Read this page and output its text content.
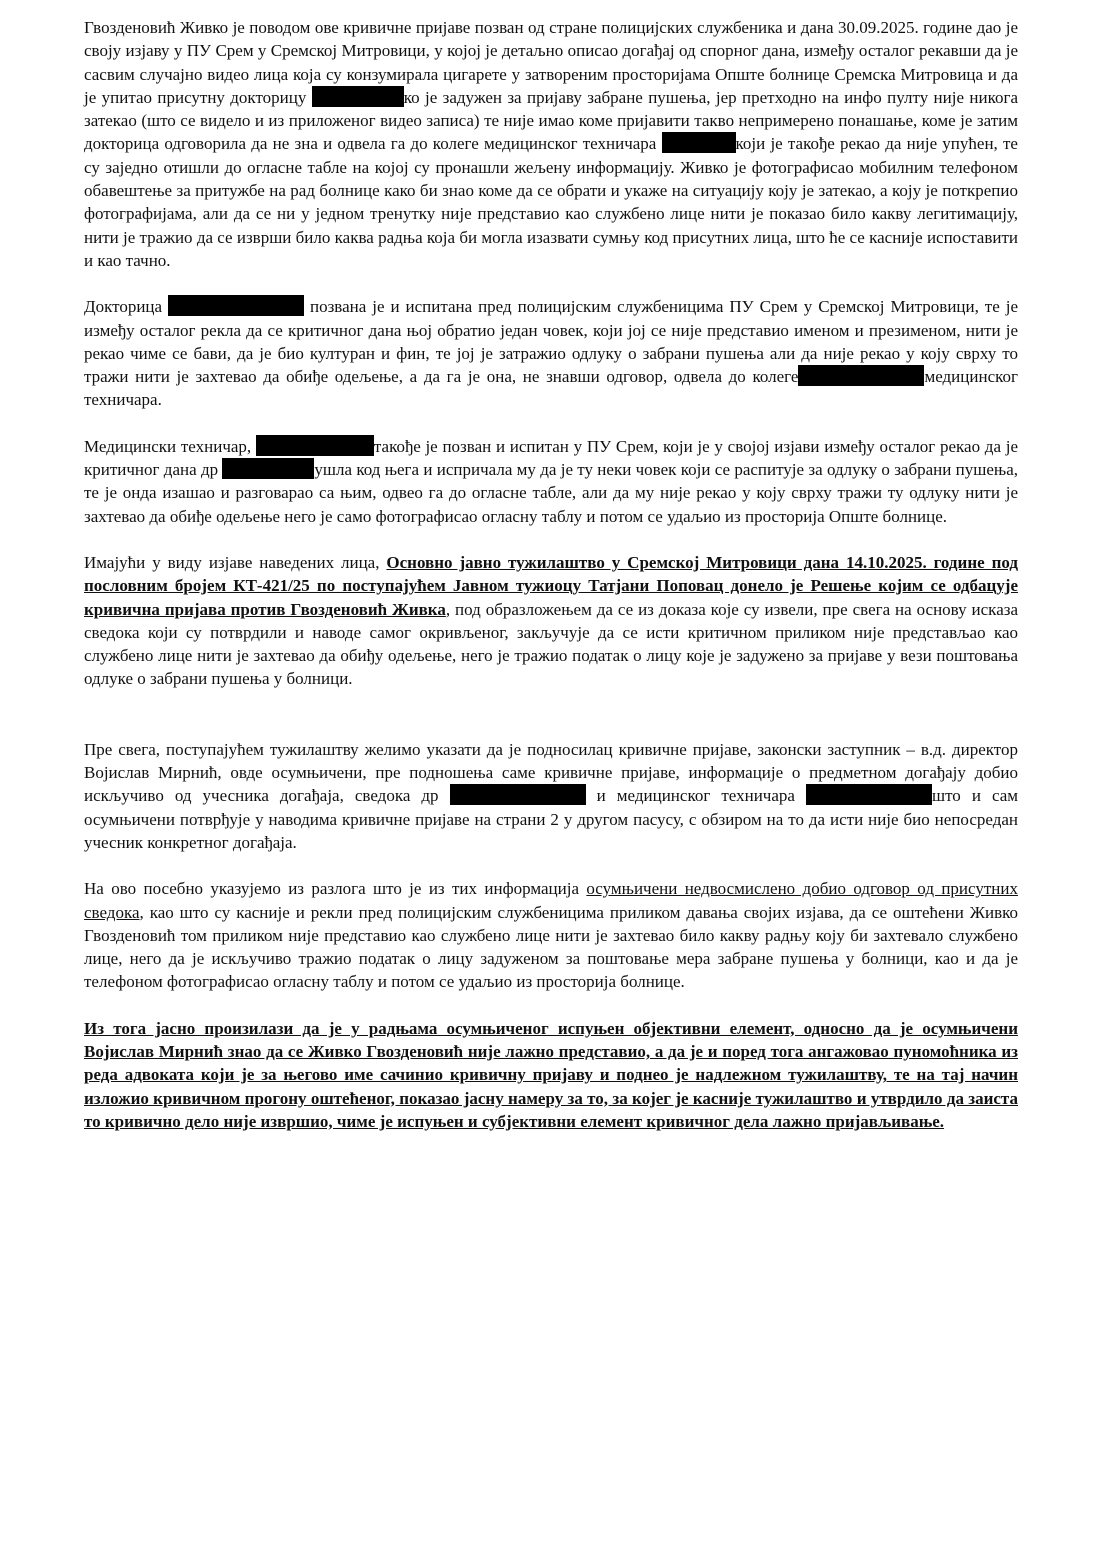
Гвозденовић Живко је поводом ове кривичне пријаве позван од стране полицијских службеника и дана 30.09.2025. године дао је своју изјаву у ПУ Срем у Сремској Митровици, у којој је детаљно описао догађај од спорног дана, између осталог рекавши да је сасвим случајно видео лица која су конзумирала цигарете у затвореним просторијама Опште болнице Сремска Митровица и да је упитао присутну докторицу	ко је задужен за пријаву забране пушења, јер претходно на инфо пулту није никога затекао (што се видело и из приложеног видео записа) те није имао коме пријавити такво непримерено понашање, коме је затим докторица одговорила да не зна и одвела га до колеге медицинског техничара	који је такође рекао да није упућен, те су заједно отишли до огласне табле на којој су пронашли жељену информацију. Живко је фотографисао мобилним телефоном обавештење за притужбе на рад болнице како би знао коме да се обрати и укаже на ситуацију коју је затекао, а коју је поткрепио фотографијама, али да се ни у једном тренутку није представио као службено лице нити је показао било какву легитимацију, нити је тражио да се изврши било каква радња која би могла изазвати сумњу код присутних лица, што ће се касније испоставити и као тачно.

Докторица	позвана је и испитана пред полицијским службеницима ПУ Срем у Сремској Митровици, те је између осталог рекла да се критичног дана њој обратио један човек, који јој се није представио именом и презименом, нити је рекао чиме се бави, да је био културан и фин, те јој је затражио одлуку о забрани пушења али да није рекао у коју сврху то тражи нити је захтевао да обиђе одељење, а да га је она, не знавши одговор, одвела до колеге	медицинског техничара.

Медицински техничар,	такође је позван и испитан у ПУ Срем, који је у својој изјави између осталог рекао да је критичног дана др	ушла код њега и испричала му да је ту неки човек који се распитује за одлуку о забрани пушења, те је онда изашао и разговарао са њим, одвео га до огласне табле, али да му није рекао у коју сврху тражи ту одлуку нити је захтевао да обиђе одељење него је само фотографисао огласну таблу и потом се удаљио из просторија Опште болнице.

Имајући у виду изјаве наведених лица, Основно јавно тужилаштво у Сремској Митровици дана 14.10.2025. године под пословним бројем КТ-421/25 по поступајућем Јавном тужиоцу Татјани Поповац донело је Решење којим се одбацује кривична пријава против Гвозденовић Живка, под образложењем да се из доказа које су извели, пре свега на основу исказа сведока који су потврдили и наводе самог окривљеног, закључује да се исти критичном приликом није представљао као службено лице нити је захтевао да обиђу одељење, него је тражио податак о лицу које је задужено за пријаве у вези поштовања одлуке о забрани пушења у болници.

Пре свега, поступајућем тужилаштву желимо указати да је подносилац кривичне пријаве, законски заступник – в.д. директор Војислав Мирнић, овде осумњичени, пре подношења саме кривичне пријаве, информације о предметном догађају добио искључиво од учесника догађаја, сведока др	и медицинског техничара	што и сам осумњичени потврђује у наводима кривичне пријаве на страни 2 у другом пасусу, с обзиром на то да исти није био непосредан учесник конкретног догађаја.

На ово посебно указујемо из разлога што је из тих информација осумњичени недвосмислено добио одговор од присутних сведока, као што су касније и рекли пред полицијским службеницима приликом давања својих изјава, да се оштећени Живко Гвозденовић том приликом није представио као службено лице нити је захтевао било какву радњу коју би захтевало службено лице, него да је искључиво тражио податак о лицу задуженом за поштовање мера забране пушења у болници, као и да је телефоном фотографисао огласну таблу и потом се удаљио из просторија болнице.

Из тога јасно произилази да је у радњама осумњиченог испуњен објективни елемент, односно да је осумњичени Војислав Мирнић знао да се Живко Гвозденовић није лажно представио, а да је и поред тога ангажовао пуномоћника из реда адвоката који је за његово име сачинио кривичну пријаву и поднео је надлежном тужилаштву, те на тај начин изложио кривичном прогону оштећеног, показао јасну намеру за то, за којег је касније тужилаштво и утврдило да заиста то кривично дело није извршио, чиме је испуњен и субјективни елемент кривичног дела лажно пријављивање.
